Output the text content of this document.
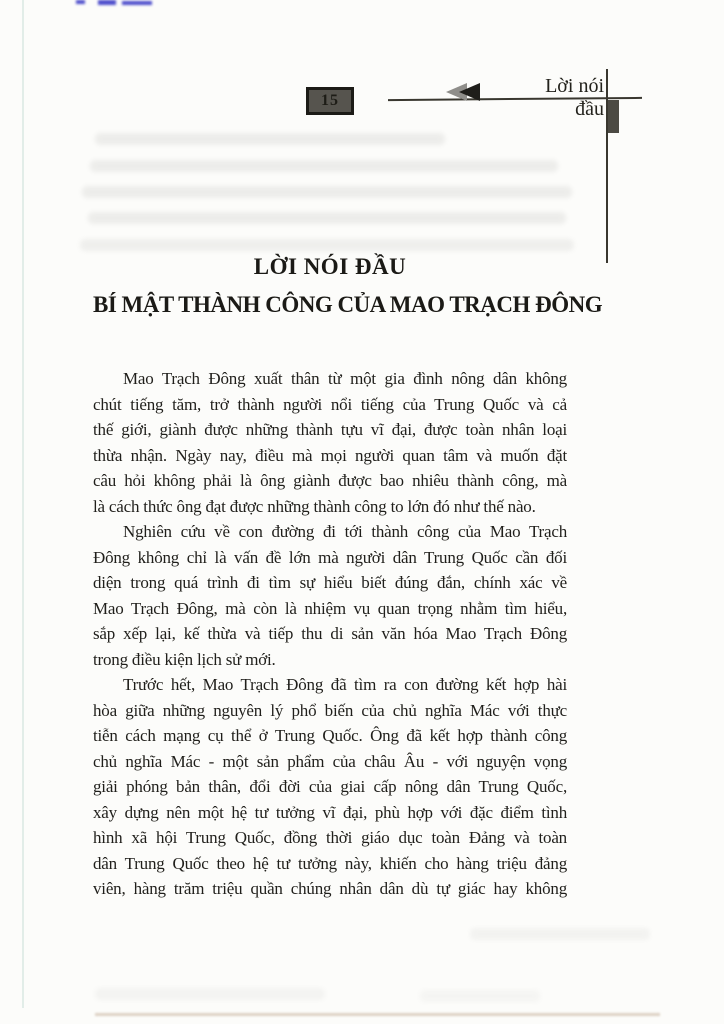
15
Lời nói đầu
LỜI NÓI ĐẦU
BÍ MẬT THÀNH CÔNG CỦA MAO TRẠCH ĐÔNG
Mao Trạch Đông xuất thân từ một gia đình nông dân không
chút tiếng tăm, trở thành người nổi tiếng của Trung Quốc và cả
thế giới, giành được những thành tựu vĩ đại, được toàn nhân loại
thừa nhận. Ngày nay, điều mà mọi người quan tâm và muốn đặt
câu hỏi không phải là ông giành được bao nhiêu thành công, mà
là cách thức ông đạt được những thành công to lớn đó như thế nào.
Nghiên cứu về con đường đi tới thành công của Mao Trạch
Đông không chỉ là vấn đề lớn mà người dân Trung Quốc cần đối
diện trong quá trình đi tìm sự hiểu biết đúng đắn, chính xác về
Mao Trạch Đông, mà còn là nhiệm vụ quan trọng nhằm tìm hiểu,
sắp xếp lại, kế thừa và tiếp thu di sản văn hóa Mao Trạch Đông
trong điều kiện lịch sử mới.
Trước hết, Mao Trạch Đông đã tìm ra con đường kết hợp hài
hòa giữa những nguyên lý phổ biến của chủ nghĩa Mác với thực
tiễn cách mạng cụ thể ở Trung Quốc. Ông đã kết hợp thành công
chủ nghĩa Mác - một sản phẩm của châu Âu - với nguyện vọng
giải phóng bản thân, đổi đời của giai cấp nông dân Trung Quốc,
xây dựng nên một hệ tư tưởng vĩ đại, phù hợp với đặc điểm tình
hình xã hội Trung Quốc, đồng thời giáo dục toàn Đảng và toàn
dân Trung Quốc theo hệ tư tưởng này, khiến cho hàng triệu đảng
viên, hàng trăm triệu quần chúng nhân dân dù tự giác hay không
